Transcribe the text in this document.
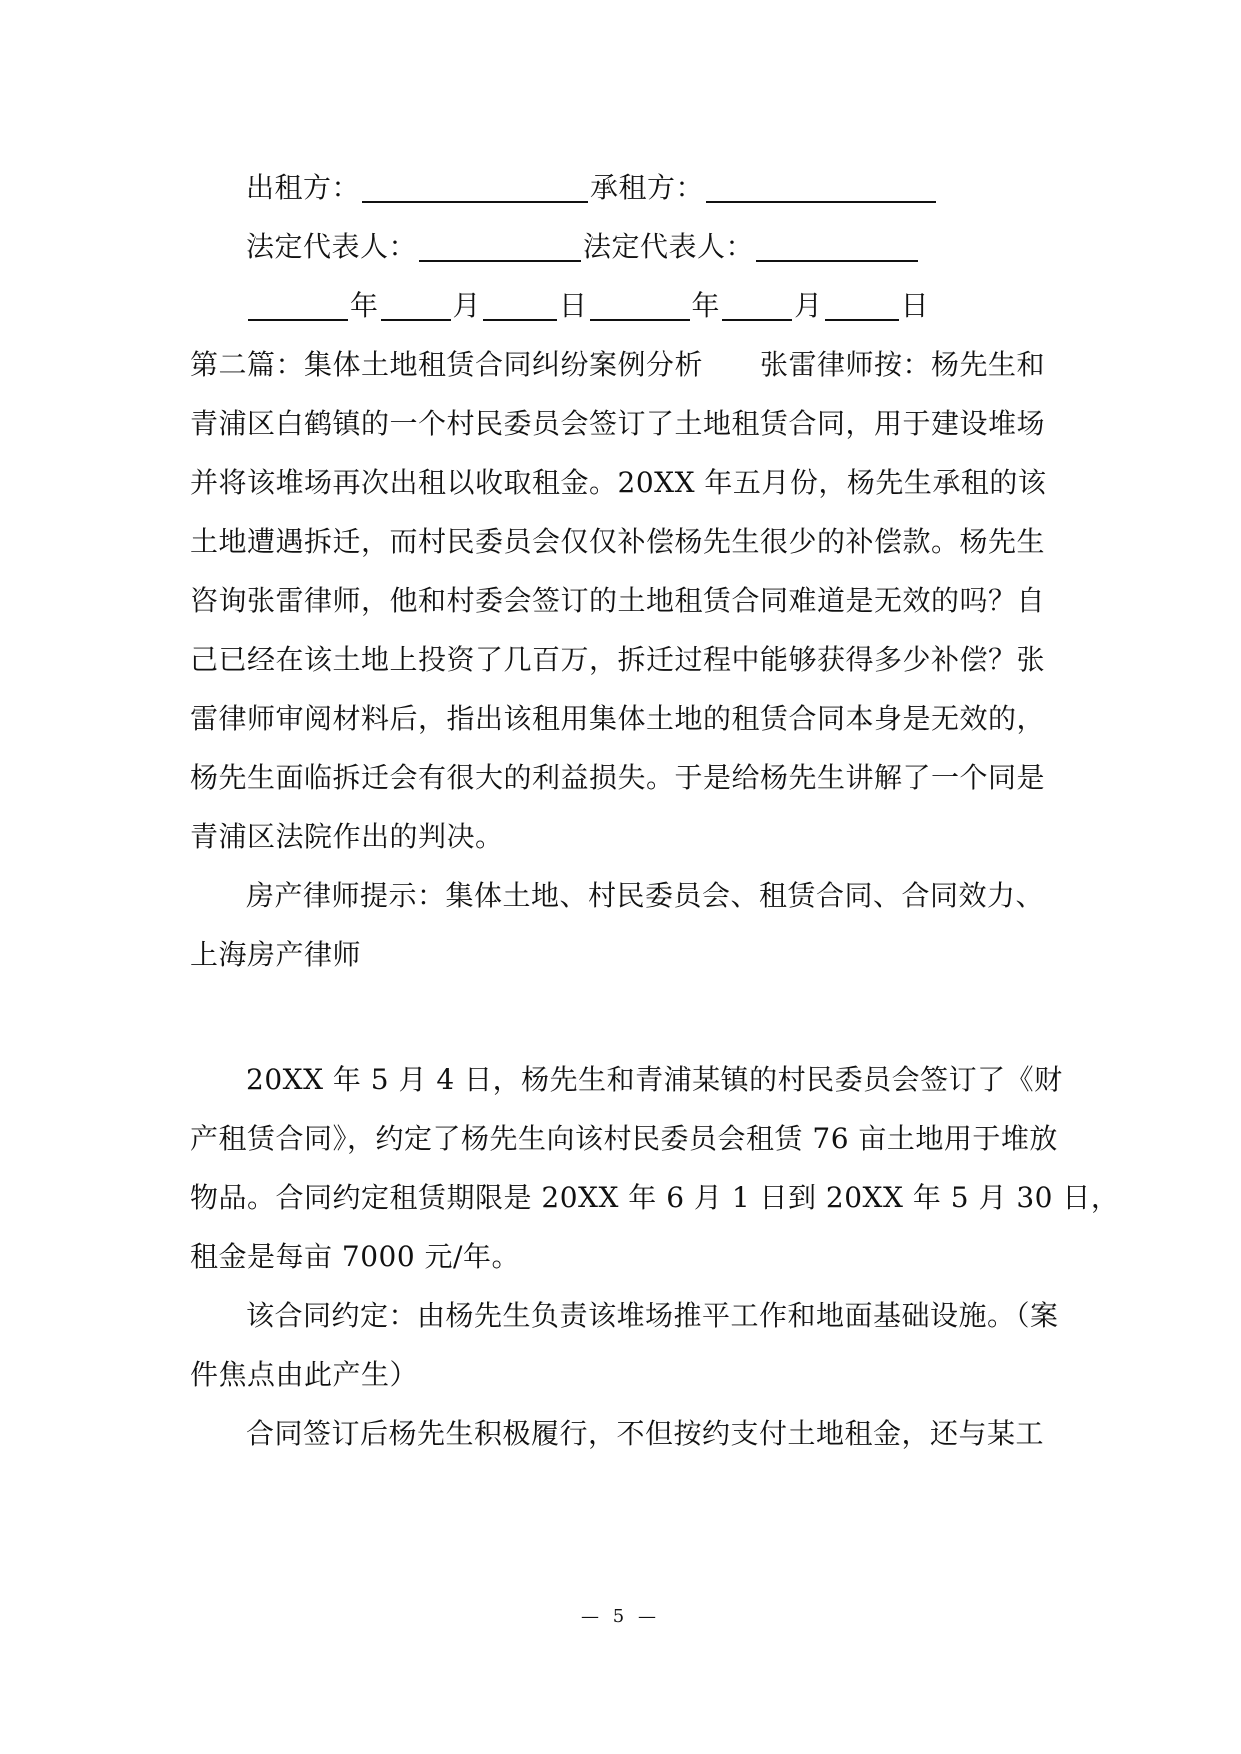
出租方：	承租方：
法定代表人：	法定代表人：
年	月	日	年	月	日
第二篇：集体土地租赁合同纠纷案例分析　　张雷律师按：杨先生和
青浦区白鹤镇的一个村民委员会签订了土地租赁合同，用于建设堆场
并将该堆场再次出租以收取租金。20XX 年五月份，杨先生承租的该
土地遭遇拆迁，而村民委员会仅仅补偿杨先生很少的补偿款。杨先生
咨询张雷律师，他和村委会签订的土地租赁合同难道是无效的吗？自
己已经在该土地上投资了几百万，拆迁过程中能够获得多少补偿？张
雷律师审阅材料后，指出该租用集体土地的租赁合同本身是无效的，
杨先生面临拆迁会有很大的利益损失。于是给杨先生讲解了一个同是
青浦区法院作出的判决。
房产律师提示：集体土地、村民委员会、租赁合同、合同效力、
上海房产律师
20XX 年 5 月 4 日，杨先生和青浦某镇的村民委员会签订了《财
产租赁合同》，约定了杨先生向该村民委员会租赁 76 亩土地用于堆放
物品。合同约定租赁期限是 20XX 年 6 月 1 日到 20XX 年 5 月 30 日，
租金是每亩 7000 元/年。
该合同约定：由杨先生负责该堆场推平工作和地面基础设施。（案
件焦点由此产生）
合同签订后杨先生积极履行，不但按约支付土地租金，还与某工
— 5 —
